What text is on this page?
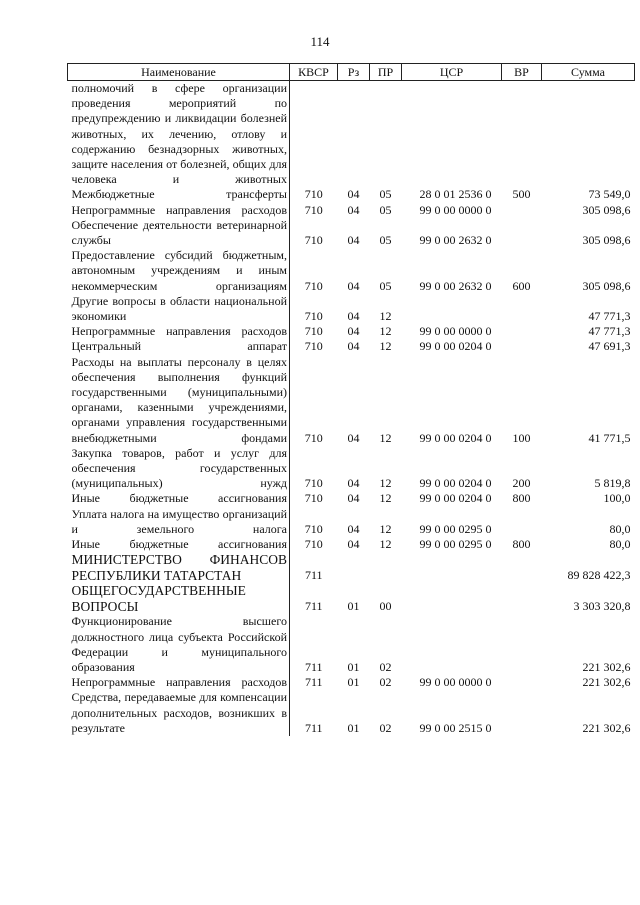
114
Наименование	КВСР	Рз	ПР	ЦСР	ВР	Сумма
полномочий в сфере организации проведения мероприятий по предупреждению и ликвидации болезней животных, их лечению, отлову и содержанию безнадзорных животных, защите населения от болезней, общих для человека и животных						
Межбюджетные трансферты	710	04	05	28 0 01 2536 0	500	73 549,0
Непрограммные направления расходов	710	04	05	99 0 00 0000 0		305 098,6
Обеспечение деятельности ветеринарной службы	710	04	05	99 0 00 2632 0		305 098,6
Предоставление субсидий бюджетным, автономным учреждениям и иным некоммерческим организациям	710	04	05	99 0 00 2632 0	600	305 098,6
Другие вопросы в области национальной экономики	710	04	12			47 771,3
Непрограммные направления расходов	710	04	12	99 0 00 0000 0		47 771,3
Центральный аппарат	710	04	12	99 0 00 0204 0		47 691,3
Расходы на выплаты персоналу в целях обеспечения выполнения функций государственными (муниципальными) органами, казенными учреждениями, органами управления государственными внебюджетными фондами	710	04	12	99 0 00 0204 0	100	41 771,5
Закупка товаров, работ и услуг для обеспечения государственных (муниципальных) нужд	710	04	12	99 0 00 0204 0	200	5 819,8
Иные бюджетные ассигнования	710	04	12	99 0 00 0204 0	800	100,0
Уплата налога на имущество организаций и земельного налога	710	04	12	99 0 00 0295 0		80,0
Иные бюджетные ассигнования	710	04	12	99 0 00 0295 0	800	80,0
МИНИСТЕРСТВО ФИНАНСОВ РЕСПУБЛИКИ ТАТАРСТАН	711					89 828 422,3
ОБЩЕГОСУДАРСТВЕННЫЕ ВОПРОСЫ	711	01	00			3 303 320,8
Функционирование высшего должностного лица субъекта Российской Федерации и муниципального образования	711	01	02			221 302,6
Непрограммные направления расходов	711	01	02	99 0 00 0000 0		221 302,6
Средства, передаваемые для компенсации дополнительных расходов, возникших в результате	711	01	02	99 0 00 2515 0		221 302,6
